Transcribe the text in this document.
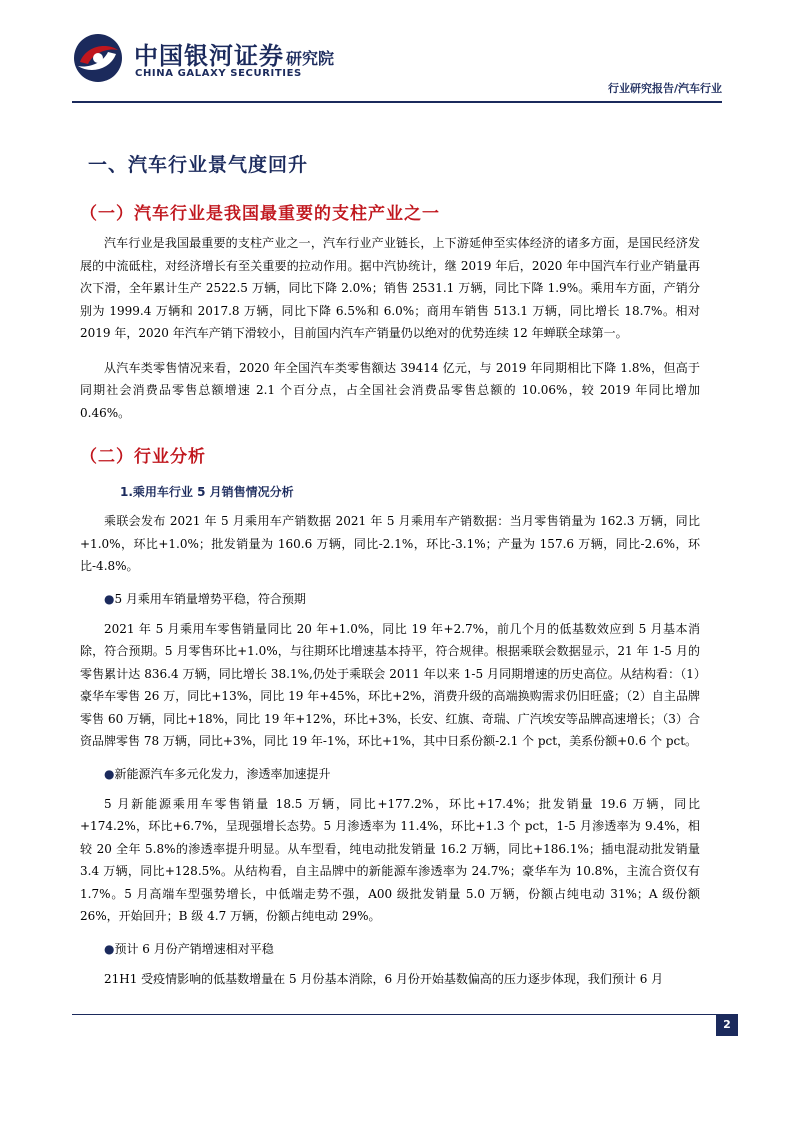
中国银河证券
CHINA GALAXY SECURITIES
研究院
行业研究报告/汽车行业
一、汽车行业景气度回升
（一）汽车行业是我国最重要的支柱产业之一

汽车行业是我国最重要的支柱产业之一，汽车行业产业链长，上下游延伸至实体经济的诸多方面，是国民经济发展的中流砥柱，对经济增长有至关重要的拉动作用。据中汽协统计，继 2019 年后，2020 年中国汽车行业产销量再次下滑，全年累计生产 2522.5 万辆，同比下降 2.0%；销售 2531.1 万辆，同比下降 1.9%。乘用车方面，产销分别为 1999.4 万辆和 2017.8 万辆，同比下降 6.5%和 6.0%；商用车销售 513.1 万辆，同比增长 18.7%。相对 2019 年，2020 年汽车产销下滑较小，目前国内汽车产销量仍以绝对的优势连续 12 年蝉联全球第一。

从汽车类零售情况来看，2020 年全国汽车类零售额达 39414 亿元，与 2019 年同期相比下降 1.8%，但高于同期社会消费品零售总额增速 2.1 个百分点，占全国社会消费品零售总额的 10.06%，较 2019 年同比增加 0.46%。

（二）行业分析
1.乘用车行业 5 月销售情况分析

乘联会发布 2021 年 5 月乘用车产销数据 2021 年 5 月乘用车产销数据：当月零售销量为 162.3 万辆，同比+1.0%，环比+1.0%；批发销量为 160.6 万辆，同比-2.1%，环比-3.1%；产量为 157.6 万辆，同比-2.6%，环比-4.8%。

●5 月乘用车销量增势平稳，符合预期

2021 年 5 月乘用车零售销量同比 20 年+1.0%，同比 19 年+2.7%，前几个月的低基数效应到 5 月基本消除，符合预期。5 月零售环比+1.0%，与往期环比增速基本持平，符合规律。根据乘联会数据显示，21 年 1-5 月的零售累计达 836.4 万辆，同比增长 38.1%,仍处于乘联会 2011 年以来 1-5 月同期增速的历史高位。从结构看：（1）豪华车零售 26 万，同比+13%，同比 19 年+45%，环比+2%，消费升级的高端换购需求仍旧旺盛；（2）自主品牌零售 60 万辆，同比+18%，同比 19 年+12%，环比+3%，长安、红旗、奇瑞、广汽埃安等品牌高速增长；（3）合资品牌零售 78 万辆，同比+3%，同比 19 年-1%，环比+1%，其中日系份额-2.1 个 pct，美系份额+0.6 个 pct。

●新能源汽车多元化发力，渗透率加速提升

5 月新能源乘用车零售销量 18.5 万辆，同比+177.2%，环比+17.4%；批发销量 19.6 万辆，同比+174.2%，环比+6.7%，呈现强增长态势。5 月渗透率为 11.4%，环比+1.3 个 pct，1-5 月渗透率为 9.4%，相较 20 全年 5.8%的渗透率提升明显。从车型看，纯电动批发销量 16.2 万辆，同比+186.1%；插电混动批发销量 3.4 万辆，同比+128.5%。从结构看，自主品牌中的新能源车渗透率为 24.7%；豪华车为 10.8%，主流合资仅有 1.7%。5 月高端车型强势增长，中低端走势不强，A00 级批发销量 5.0 万辆，份额占纯电动 31%；A 级份额 26%，开始回升；B 级 4.7 万辆，份额占纯电动 29%。

●预计 6 月份产销增速相对平稳

21H1 受疫情影响的低基数增量在 5 月份基本消除，6 月份开始基数偏高的压力逐步体现，我们预计 6 月

2
